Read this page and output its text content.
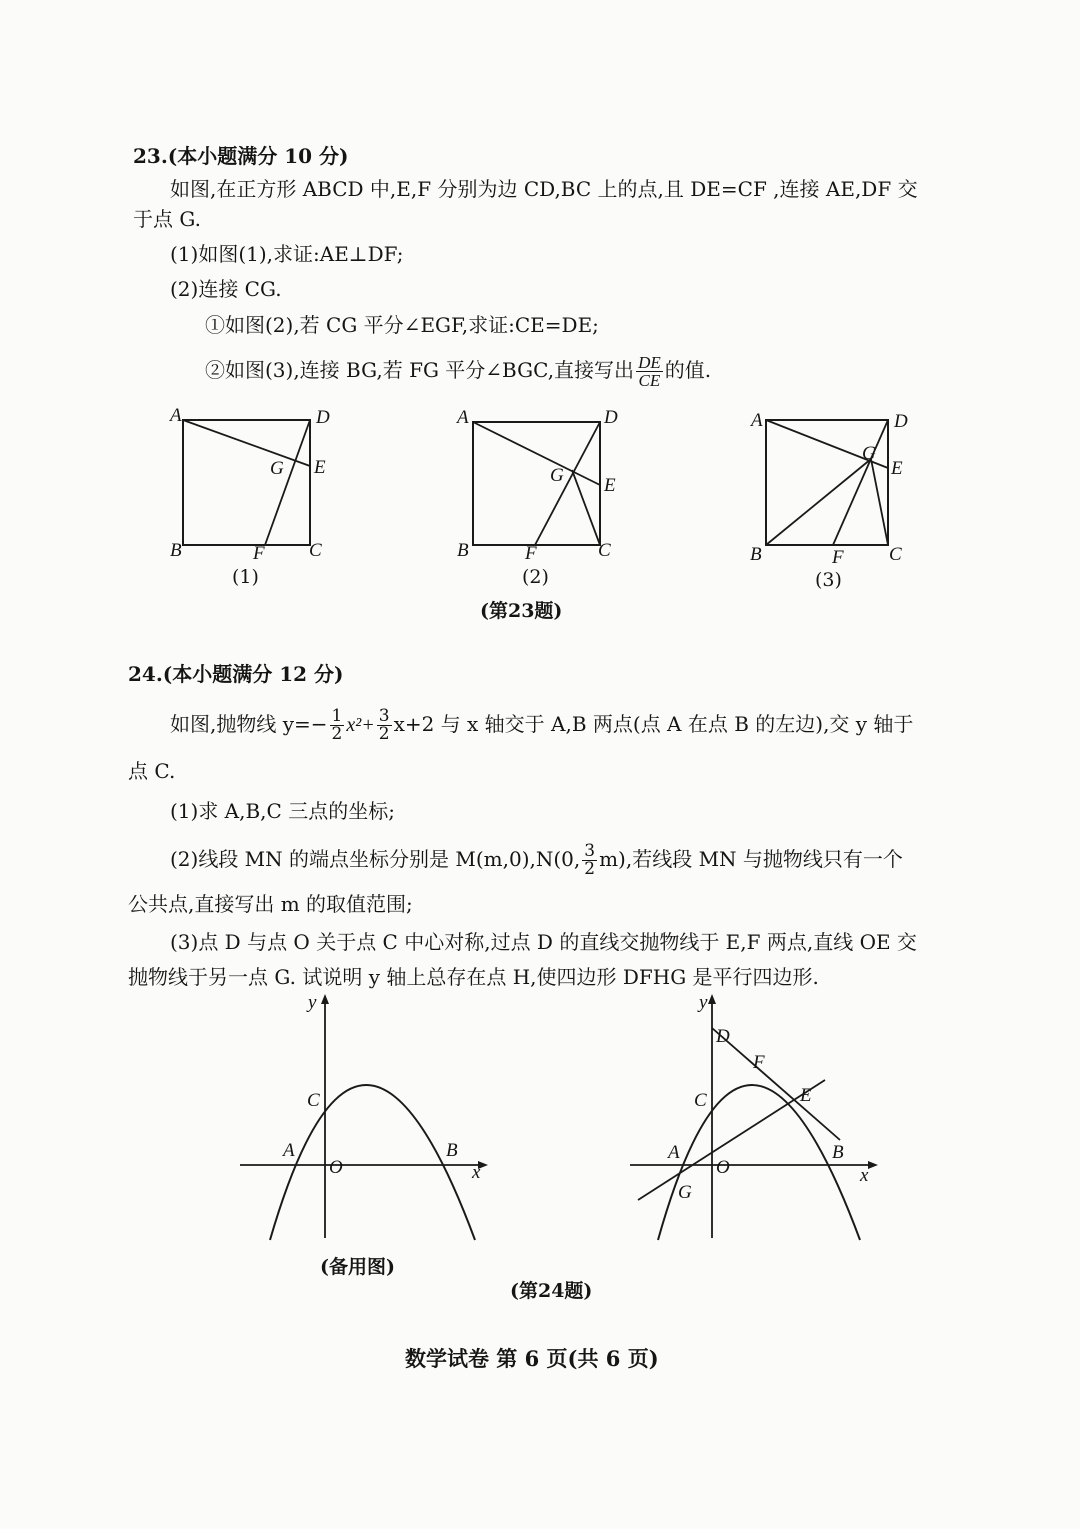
23.(本小题满分 10 分)
如图,在正方形 ABCD 中,E,F 分别为边 CD,BC 上的点,且 DE=CF ,连接 AE,DF 交
于点 G.
(1)如图(1),求证:AE⊥DF;
(2)连接 CG.
①如图(2),若 CG 平分∠EGF,求证:CE=DE;
②如图(3),连接 BG,若 FG 平分∠BGC,直接写出 $\frac{DE}{CE}$ 的值.
A	D
G E
B	F C
(1)
A	D
G E
B	F	C
(2)
A	D
G
E
B	F C
(3)
(第23题)
24.(本小题满分 12 分)
如图,抛物线 $y=- \frac{1}{2} x^2+ \frac{3}{2} x+2$ 与 x 轴交于 A,B 两点(点 A 在点 B 的左边),交 y 轴于
点 C.
(1)求 A,B,C 三点的坐标;
(2)线段 MN 的端点坐标分别是 M(m,0),N(0, $\frac{3}{2} m$),若线段 MN 与抛物线只有一个
公共点,直接写出 m 的取值范围;
(3)点 D 与点 O 关于点 C 中心对称,过点 D 的直线交抛物线于 E,F 两点,直线 OE 交
抛物线于另一点 G. 试说明 y 轴上总存在点 H,使四边形 DFHG 是平行四边形.
y
C
A
O
B
x
(备用图)
y
D
F
C	E
A
O
B
x
G
(第24题)
数学试卷 第 6 页(共 6 页)
